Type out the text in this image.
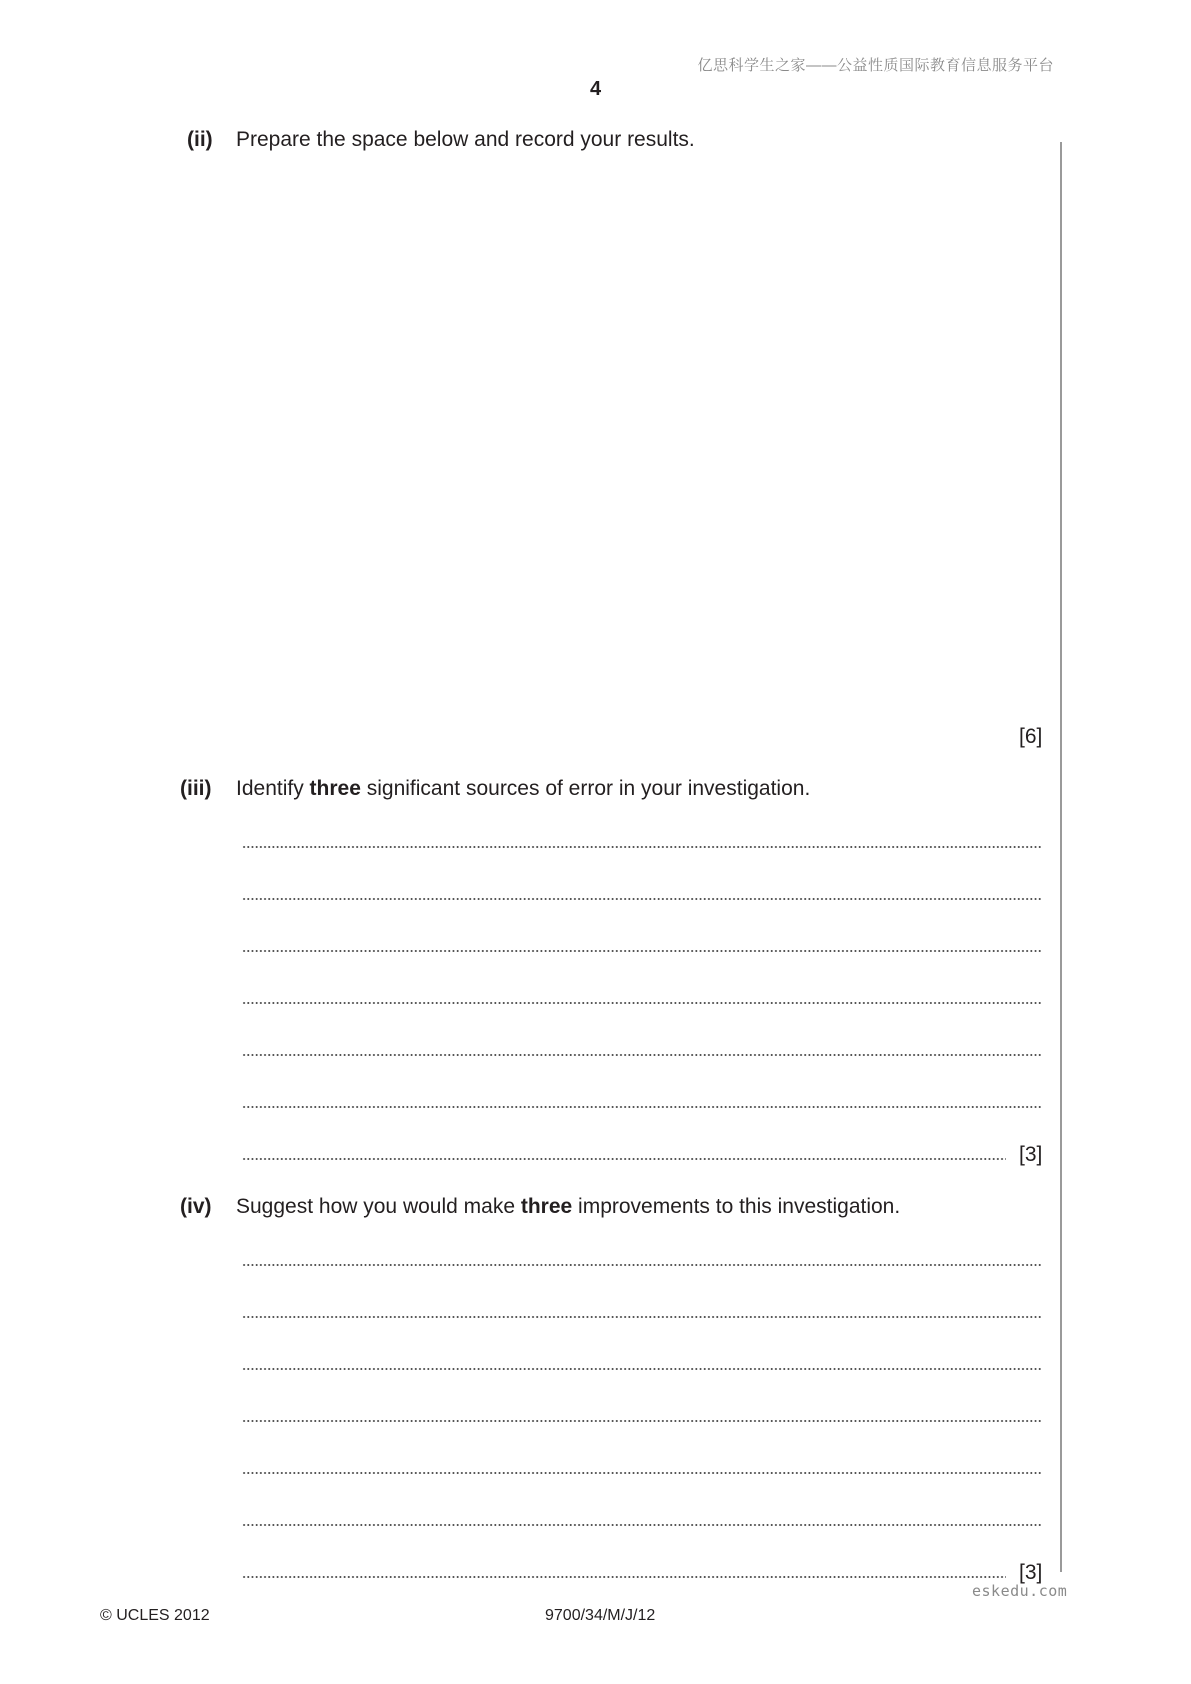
亿思科学生之家——公益性质国际教育信息服务平台
4
(ii) Prepare the space below and record your results.
[6]
(iii) Identify three significant sources of error in your investigation.
[3]
(iv) Suggest how you would make three improvements to this investigation.
[3]
eskedu.com
© UCLES 2012	9700/34/M/J/12
